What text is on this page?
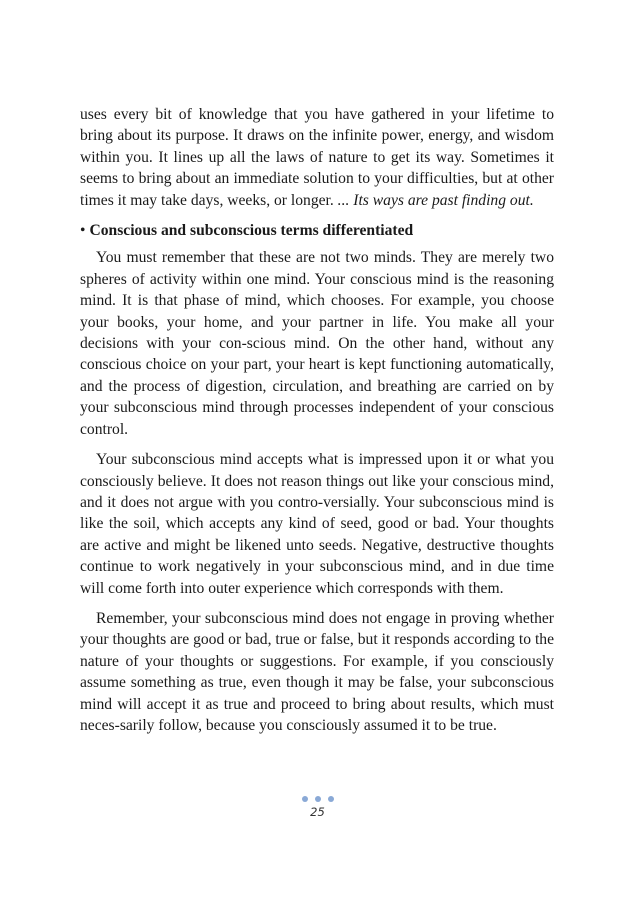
uses every bit of knowledge that you have gathered in your lifetime to bring about its purpose. It draws on the infinite power, energy, and wisdom within you. It lines up all the laws of nature to get its way. Sometimes it seems to bring about an immediate solution to your difficulties, but at other times it may take days, weeks, or longer. ... Its ways are past finding out.

• Conscious and subconscious terms differentiated

You must remember that these are not two minds. They are merely two spheres of activity within one mind. Your conscious mind is the reasoning mind. It is that phase of mind, which chooses. For example, you choose your books, your home, and your partner in life. You make all your decisions with your con-scious mind. On the other hand, without any conscious choice on your part, your heart is kept functioning automatically, and the process of digestion, circulation, and breathing are carried on by your subconscious mind through processes independent of your conscious control.

Your subconscious mind accepts what is impressed upon it or what you consciously believe. It does not reason things out like your conscious mind, and it does not argue with you contro-versially. Your subconscious mind is like the soil, which accepts any kind of seed, good or bad. Your thoughts are active and might be likened unto seeds. Negative, destructive thoughts continue to work negatively in your subconscious mind, and in due time will come forth into outer experience which corresponds with them.

Remember, your subconscious mind does not engage in proving whether your thoughts are good or bad, true or false, but it responds according to the nature of your thoughts or suggestions. For example, if you consciously assume something as true, even though it may be false, your subconscious mind will accept it as true and proceed to bring about results, which must neces-sarily follow, because you consciously assumed it to be true.

25
